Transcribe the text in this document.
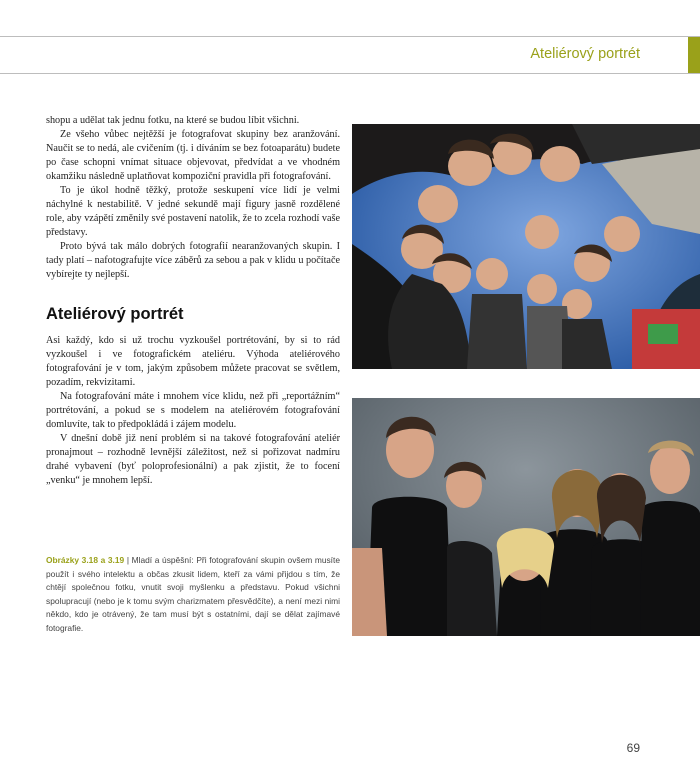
Ateliérový portrét

shopu a udělat tak jednu fotku, na které se budou líbit všichni.

Ze všeho vůbec nejtěžší je fotografovat skupiny bez aranžování. Naučit se to nedá, ale cvičením (tj. i díváním se bez fotoaparátu) budete po čase schopni vnímat situace objevovat, předvídat a ve vhodném okamžiku následně uplatňovat kompoziční pravidla při fotografování.

To je úkol hodně těžký, protože seskupení více lidí je velmi náchylné k nestabilitě. V jedné sekundě mají figury jasně rozdělené role, aby vzápětí změnily své postavení natolik, že to zcela rozhodí vaše představy.

Proto bývá tak málo dobrých fotografií nearanžovaných skupin. I tady platí – nafotografujte více záběrů za sebou a pak v klidu u počítače vybírejte ty nejlepší.

Ateliérový portrét

Asi každý, kdo si už trochu vyzkoušel portrétování, by si to rád vyzkoušel i ve fotografickém ateliéru. Výhoda ateliérového fotografování je v tom, jakým způsobem můžete pracovat se světlem, pozadím, rekvizitami.

Na fotografování máte i mnohem více klidu, než při „reportážním“ portrétování, a pokud se s modelem na ateliérovém fotografování domluvíte, tak to předpokládá i zájem modelu.

V dnešní době již není problém si na takové fotografování ateliér pronajmout – rozhodně levnější záležitost, než si pořizovat nadmíru drahé vybavení (byť poloprofesionální) a pak zjistit, že to focení „venku“ je mnohem lepší.

Obrázky 3.18 a 3.19 | Mladí a úspěšní: Při fotografování skupin ovšem musíte použít i svého intelektu a občas zkusit lidem, kteří za vámi přijdou s tím, že chtějí společnou fotku, vnutit svoji myšlenku a představu. Pokud všichni spolupracují (nebo je k tomu svým charizmatem přesvědčíte), a není mezi nimi někdo, kdo je otrávený, že tam musí být s ostatními, dají se dělat zajímavé fotografie.
69
